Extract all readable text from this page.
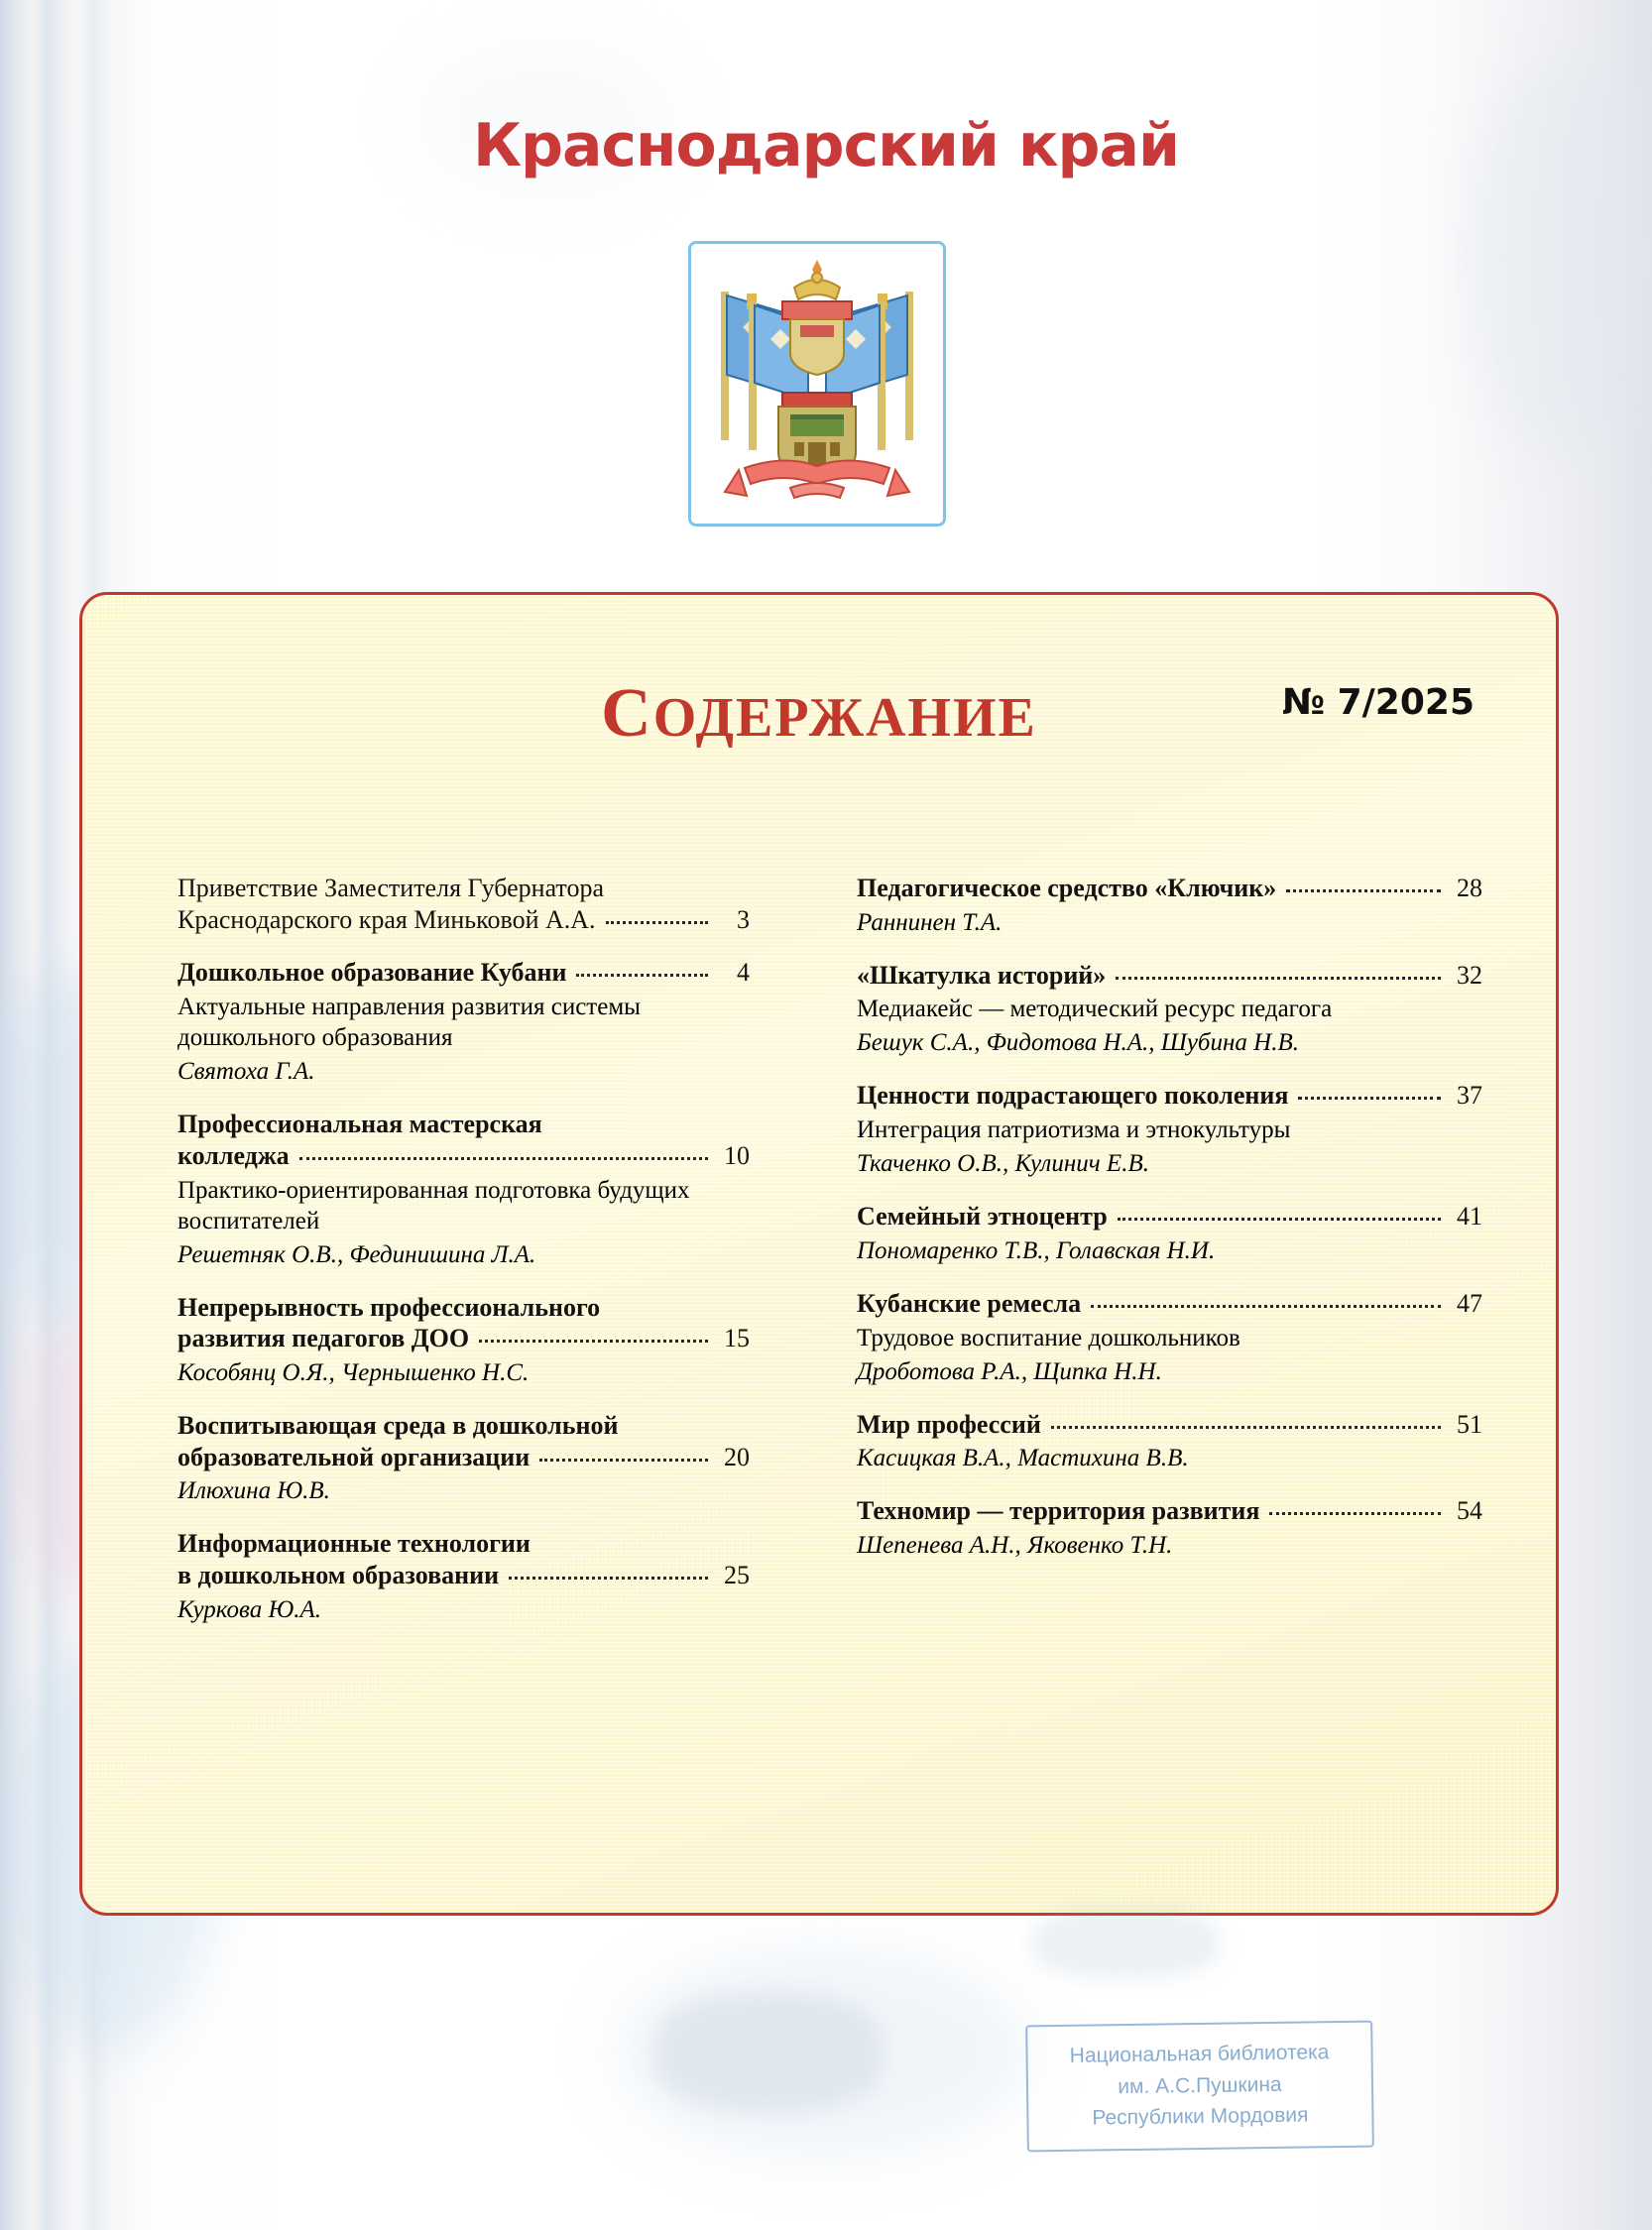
Краснодарский край
СОДЕРЖАНИЕ	№ 7/2025
Приветствие Заместителя Губернатора
Краснодарского края Миньковой А.А.	3
Дошкольное образование Кубани	4
Актуальные направления развития системы дошкольного образования
Святоха Г.А.
Профессиональная мастерская
колледжа	10
Практико-ориентированная подготовка будущих воспитателей
Решетняк О.В., Фединишина Л.А.
Непрерывность профессионального
развития педагогов ДОО	15
Кособянц О.Я., Чернышенко Н.С.
Воспитывающая среда в дошкольной
образовательной организации	20
Илюхина Ю.В.
Информационные технологии
в дошкольном образовании	25
Куркова Ю.А.
Педагогическое средство «Ключик»	28
Раннинен Т.А.
«Шкатулка историй»	32
Медиакейс — методический ресурс педагога
Бешук С.А., Фидотова Н.А., Шубина Н.В.
Ценности подрастающего поколения	37
Интеграция патриотизма и этнокультуры
Ткаченко О.В., Кулинич Е.В.
Семейный этноцентр	41
Пономаренко Т.В., Голавская Н.И.
Кубанские ремесла	47
Трудовое воспитание дошкольников
Дроботова Р.А., Щипка Н.Н.
Мир профессий	51
Касицкая В.А., Мастихина В.В.
Техномир — территория развития	54
Шепенева А.Н., Яковенко Т.Н.
Национальная библиотека
им. А.С.Пушкина
Республики Мордовия
